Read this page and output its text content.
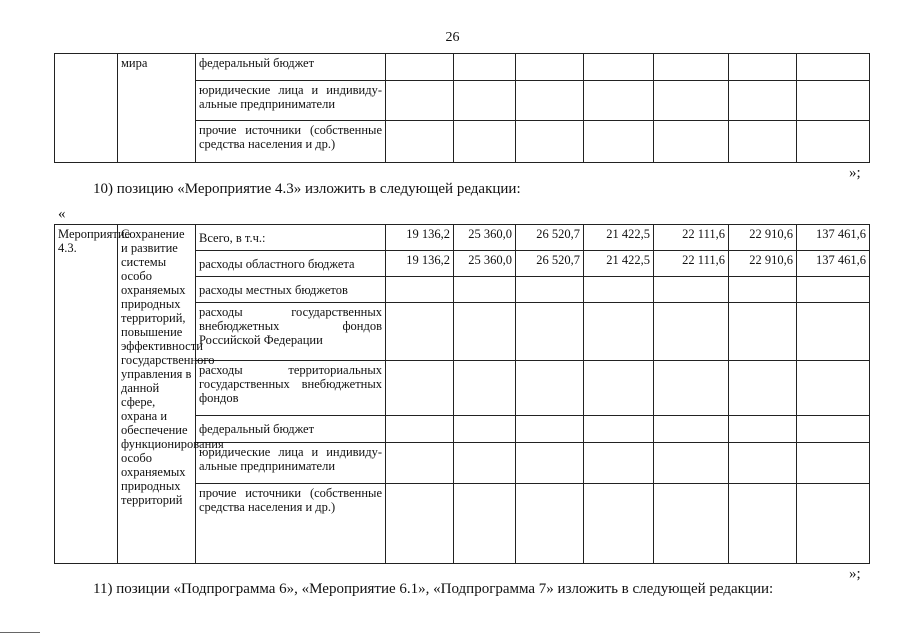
26
	мира	федеральный бюджет							
		юридические лица и индивиду-альные предприниматели							
		прочие источники (собственные средства населения и др.)							
»;
10) позицию «Мероприятие 4.3» изложить в следующей редакции:
«
Мероприятие 4.3.	Сохранение и развитие системы особо охраняемых природных территорий, повышение эффективности государственного управления в данной сфере, охрана и обеспечение функционирования особо охраняемых природных территорий	Всего, в т.ч.:	19 136,2	25 360,0	26 520,7	21 422,5	22 111,6	22 910,6	137 461,6
		расходы областного бюджета	19 136,2	25 360,0	26 520,7	21 422,5	22 111,6	22 910,6	137 461,6
		расходы местных бюджетов							
		расходы государственных внебюджетных фондов Российской Федерации							
		расходы территориальных государственных внебюджетных фондов							
		федеральный бюджет							
		юридические лица и индивиду-альные предприниматели							
		прочие источники (собственные средства населения и др.)							
»;
11) позиции «Подпрограмма 6», «Мероприятие 6.1», «Подпрограмма 7» изложить в следующей редакции:
